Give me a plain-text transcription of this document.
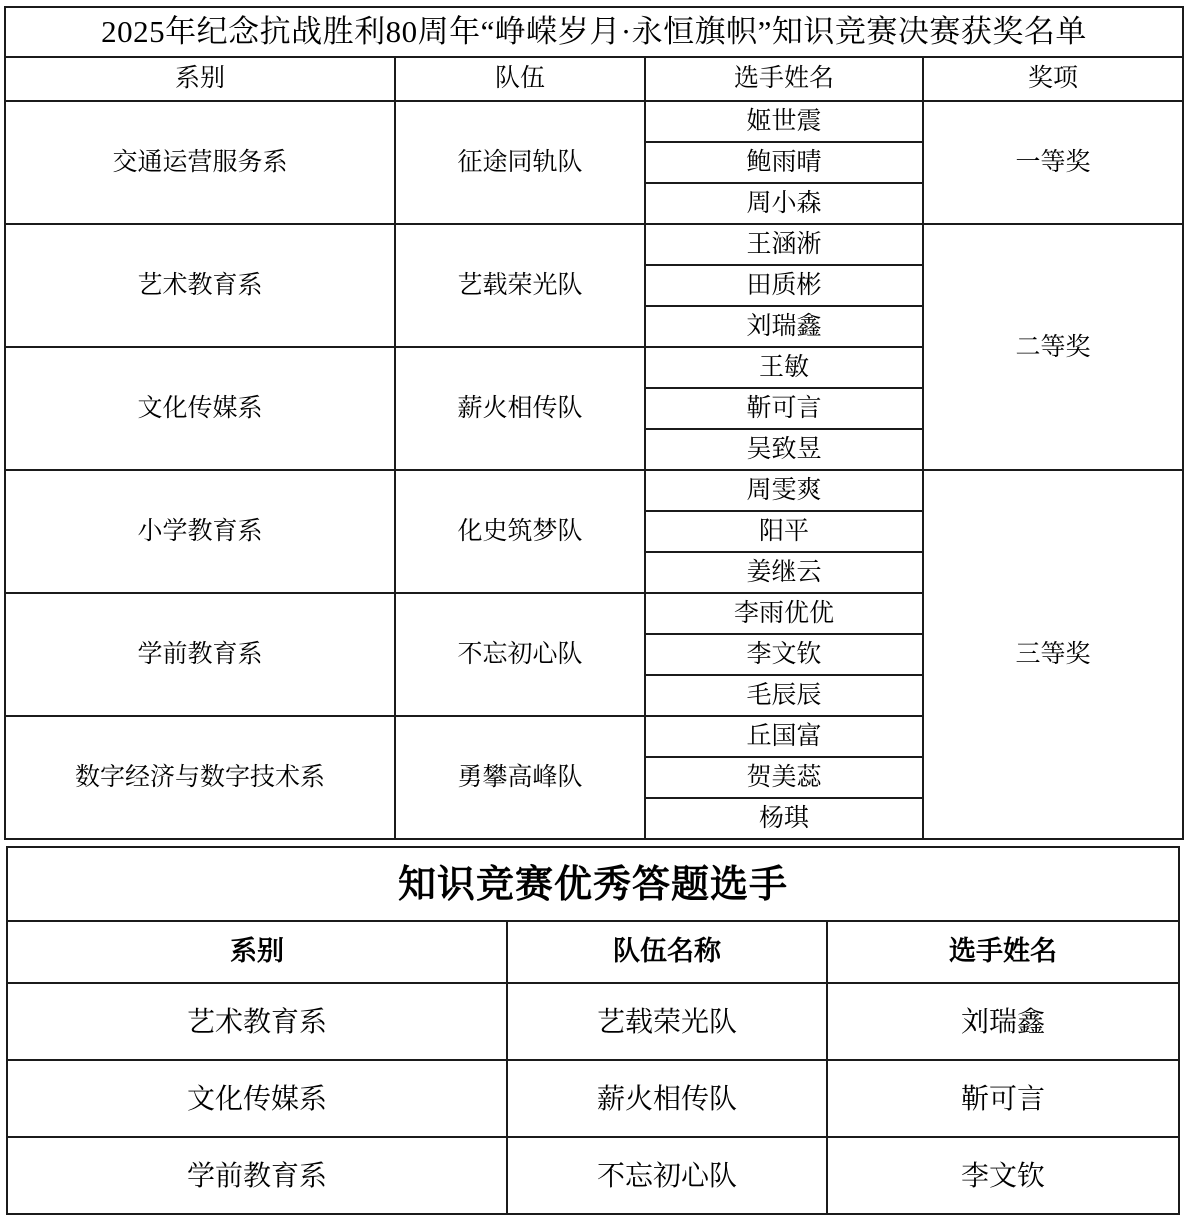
2025年纪念抗战胜利80周年“峥嵘岁月·永恒旗帜”知识竞赛决赛获奖名单			
系别	队伍	选手姓名	奖项
交通运营服务系	征途同轨队	姬世震	一等奖
		鲍雨晴	
		周小森	
艺术教育系	艺载荣光队	王涵淅	二等奖
		田质彬	
		刘瑞鑫	
文化传媒系	薪火相传队	王敏	
		靳可言	
		吴致昱	
小学教育系	化史筑梦队	周雯爽	三等奖
		阳平	
		姜继云	
学前教育系	不忘初心队	李雨优优	
		李文钦	
		毛辰辰	
数字经济与数字技术系	勇攀高峰队	丘国富	
		贺美蕊	
		杨琪	
知识竞赛优秀答题选手		
系别	队伍名称	选手姓名
艺术教育系	艺载荣光队	刘瑞鑫
文化传媒系	薪火相传队	靳可言
学前教育系	不忘初心队	李文钦
